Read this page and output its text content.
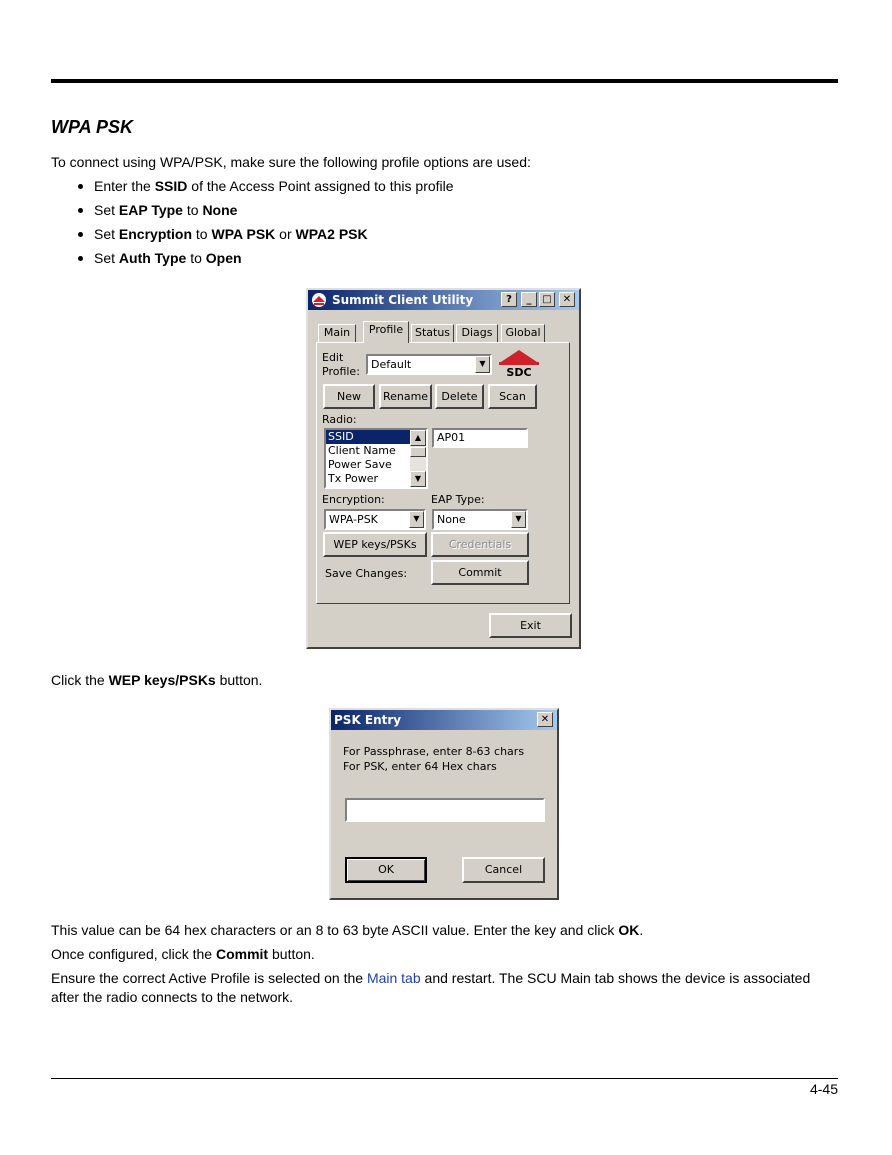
WPA PSK

To connect using WPA/PSK, make sure the following profile options are used:

Enter the SSID of the Access Point assigned to this profile
Set EAP Type to None
Set Encryption to WPA PSK or WPA2 PSK
Set Auth Type to Open
Summit Client Utility	?	_	□	✕
Main	Profile	Status	Diags	Global
Edit
Profile:
Default	▼
SDC
New	Rename	Delete	Scan
Radio:
SSID
Client Name
Power Save
Tx Power
▲
▼
AP01
Encryption:	EAP Type:
WPA-PSK	▼	None	▼
WEP keys/PSKs	Credentials
Save Changes:	Commit
Exit

Click the WEP keys/PSKs button.

PSK Entry	✕
For Passphrase, enter 8-63 chars
For PSK, enter 64 Hex chars
OK	Cancel

This value can be 64 hex characters or an 8 to 63 byte ASCII value. Enter the key and click OK.

Once configured, click the Commit button.

Ensure the correct Active Profile is selected on the Main tab and restart. The SCU Main tab shows the device is associated after the radio connects to the network.

4-45
